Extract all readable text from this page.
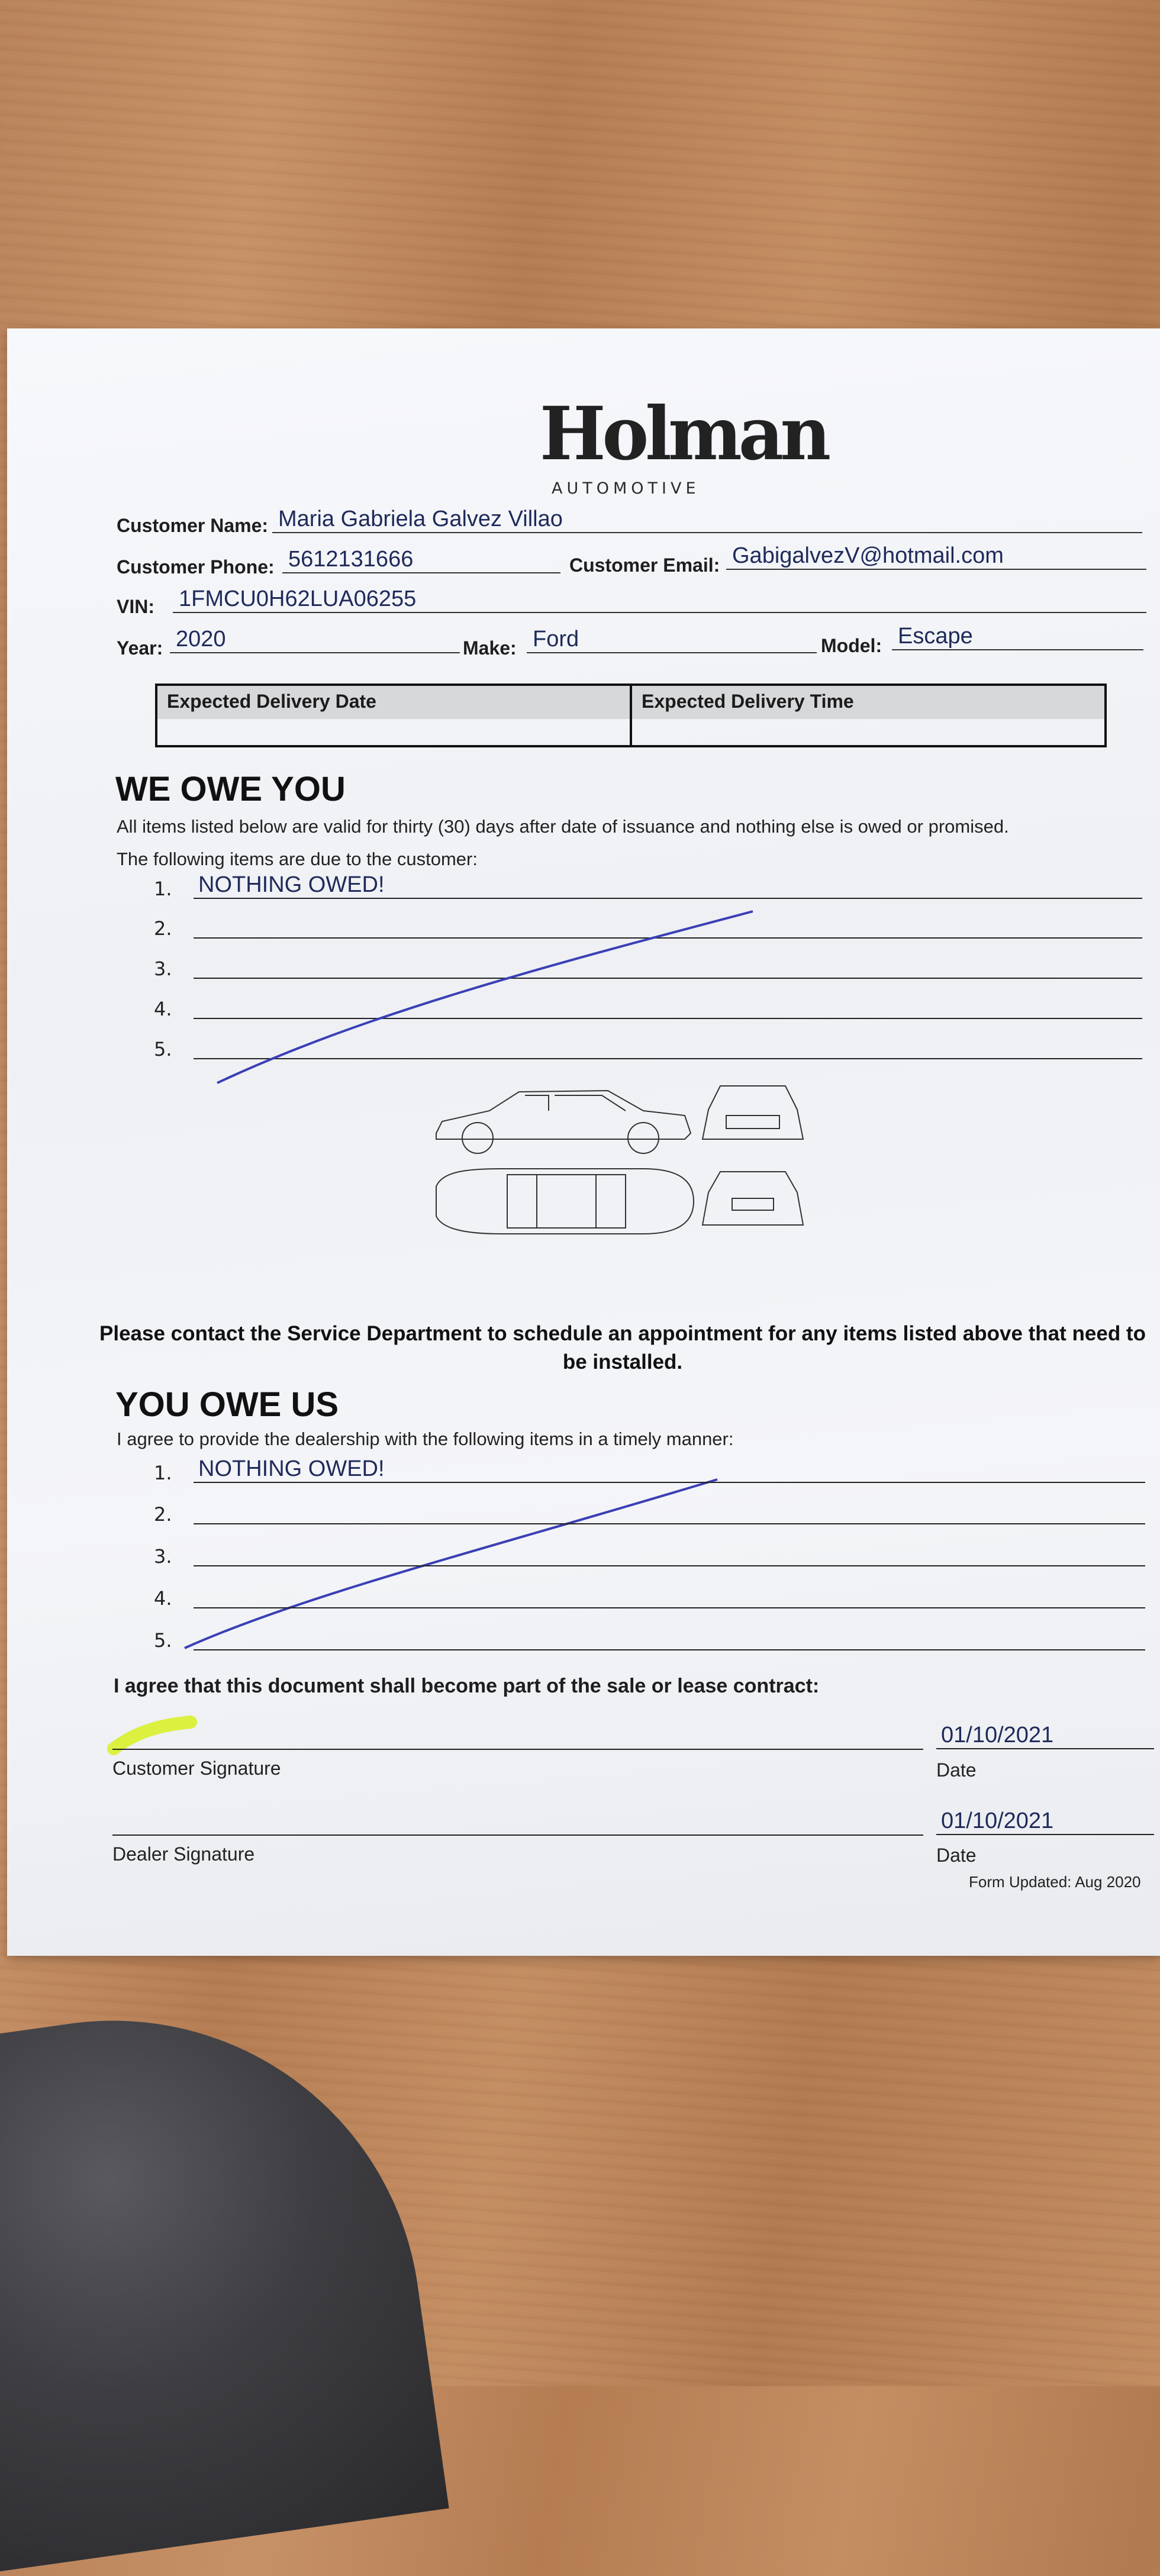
Holman
AUTOMOTIVE
Customer Name: Maria Gabriela Galvez Villao
Customer Phone: 5612131666	Customer Email: GabigalvezV@hotmail.com
VIN: 1FMCU0H62LUA06255
Year: 2020	Make: Ford	Model: Escape
Expected Delivery Date	Expected Delivery Time
WE OWE YOU
All items listed below are valid for thirty (30) days after date of issuance and nothing else is owed or promised.
The following items are due to the customer:
1. NOTHING OWED!
2.
3.
4.
5.
Please contact the Service Department to schedule an appointment for any items listed above that need to be installed.
YOU OWE US
I agree to provide the dealership with the following items in a timely manner:
1. NOTHING OWED!
2.
3.
4.
5.
I agree that this document shall become part of the sale or lease contract:
Customer Signature
01/10/2021
Date
Dealer Signature
01/10/2021
Date
Form Updated: Aug 2020
